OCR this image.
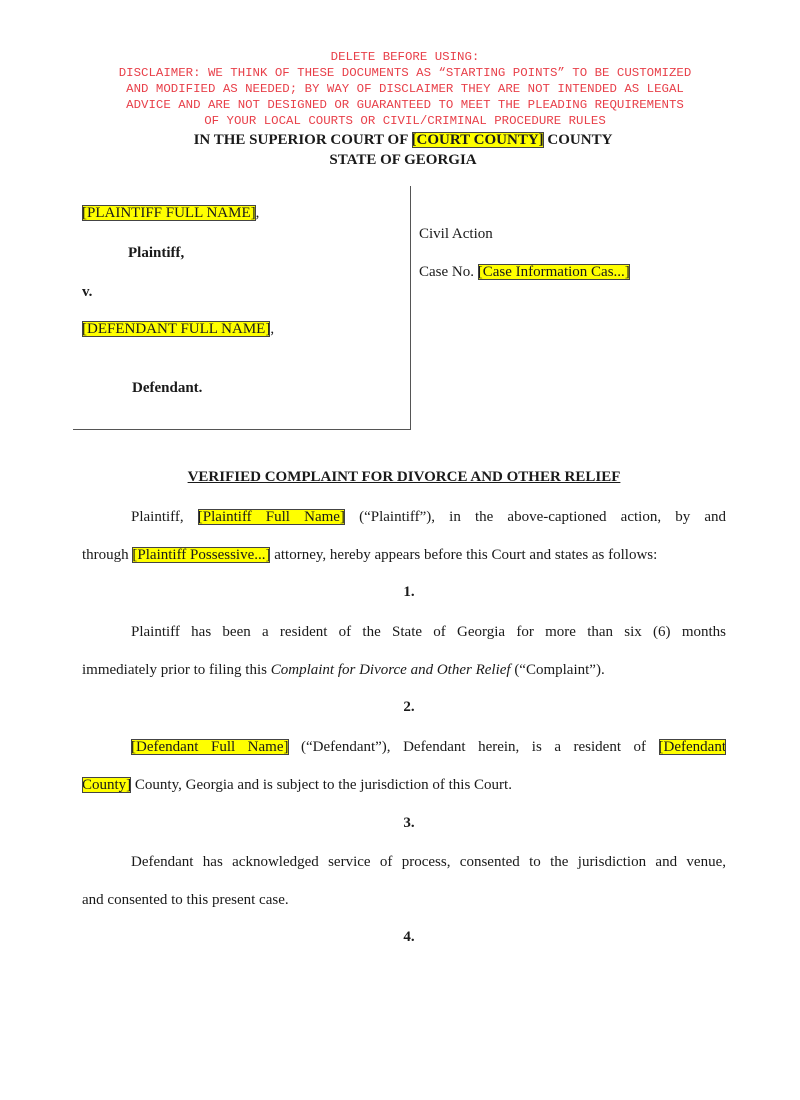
DELETE BEFORE USING:
DISCLAIMER: WE THINK OF THESE DOCUMENTS AS “STARTING POINTS” TO BE CUSTOMIZED
AND MODIFIED AS NEEDED; BY WAY OF DISCLAIMER THEY ARE NOT INTENDED AS LEGAL
ADVICE AND ARE NOT DESIGNED OR GUARANTEED TO MEET THE PLEADING REQUIREMENTS
OF YOUR LOCAL COURTS OR CIVIL/CRIMINAL PROCEDURE RULES
IN THE SUPERIOR COURT OF [COURT COUNTY] COUNTY
STATE OF GEORGIA
[PLAINTIFF FULL NAME],
Plaintiff,
v.
[DEFENDANT FULL NAME],
Defendant.
Civil Action
Case No. [Case Information Cas...]
VERIFIED COMPLAINT FOR DIVORCE AND OTHER RELIEF
Plaintiff, [Plaintiff Full Name] (“Plaintiff”), in the above-captioned action, by and
through [Plaintiff Possessive...] attorney, hereby appears before this Court and states as follows:
1.
Plaintiff has been a resident of the State of Georgia for more than six (6) months
immediately prior to filing this Complaint for Divorce and Other Relief (“Complaint”).
2.
[Defendant Full Name] (“Defendant”), Defendant herein, is a resident of [Defendant
County] County, Georgia and is subject to the jurisdiction of this Court.
3.
Defendant has acknowledged service of process, consented to the jurisdiction and venue,
and consented to this present case.
4.
